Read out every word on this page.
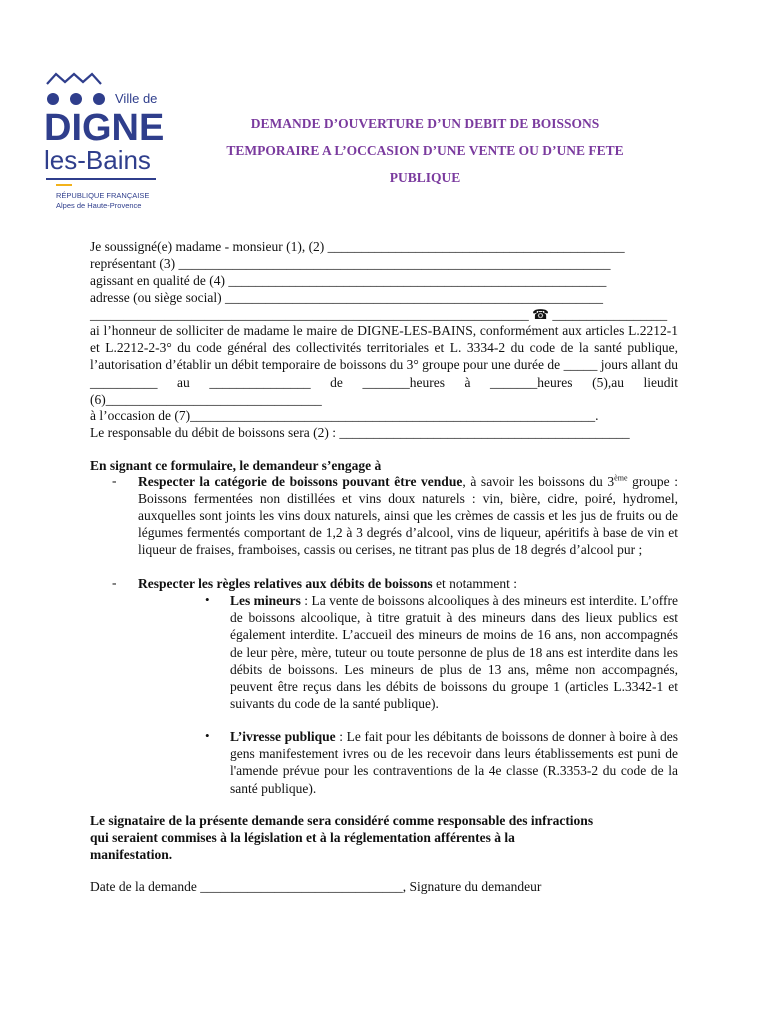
Ville de
DIGNE
les-Bains
RÉPUBLIQUE FRANÇAISE
Alpes de Haute-Provence
DEMANDE D’OUVERTURE D’UN DEBIT DE BOISSONS
TEMPORAIRE A L’OCCASION D’UNE VENTE OU D’UNE FETE
PUBLIQUE
Je soussigné(e) madame - monsieur (1), (2) ____________________________________________
représentant (3) ________________________________________________________________
agissant en qualité de (4) ________________________________________________________
adresse (ou siège social) ________________________________________________________
_________________________________________________________________ ☎ _________________
ai l’honneur de solliciter de madame le maire de DIGNE-LES-BAINS, conformément aux articles L.2212-1 et L.2212-2-3° du code général des collectivités territoriales et L. 3334-2 du code de la santé publique, l’autorisation d’établir un débit temporaire de boissons du 3° groupe pour une durée de _____ jours allant du __________ au _______________ de _______heures à _______heures (5),au lieudit (6)________________________________
à l’occasion de (7)____________________________________________________________.
Le responsable du débit de boissons sera (2) : ___________________________________________
En signant ce formulaire, le demandeur s’engage à
- Respecter la catégorie de boissons pouvant être vendue, à savoir les boissons du 3ème groupe : Boissons fermentées non distillées et vins doux naturels : vin, bière, cidre, poiré, hydromel, auxquelles sont joints les vins doux naturels, ainsi que les crèmes de cassis et les jus de fruits ou de légumes fermentés comportant de 1,2 à 3 degrés d’alcool, vins de liqueur, apéritifs à base de vin et liqueur de fraises, framboises, cassis ou cerises, ne titrant pas plus de 18 degrés d’alcool pur ;
- Respecter les règles relatives aux débits de boissons et notamment :
• Les mineurs : La vente de boissons alcooliques à des mineurs est interdite. L’offre de boissons alcoolique, à titre gratuit à des mineurs dans des lieux publics est également interdite. L’accueil des mineurs de moins de 16 ans, non accompagnés de leur père, mère, tuteur ou toute personne de plus de 18 ans est interdite dans les débits de boissons. Les mineurs de plus de 13 ans, même non accompagnés, peuvent être reçus dans les débits de boissons du groupe 1 (articles L.3342-1 et suivants du code de la santé publique).
• L’ivresse publique : Le fait pour les débitants de boissons de donner à boire à des gens manifestement ivres ou de les recevoir dans leurs établissements est puni de l'amende prévue pour les contraventions de la 4e classe (R.3353-2 du code de la santé publique).
Le signataire de la présente demande sera considéré comme responsable des infractions
qui seraient commises à la législation et à la réglementation afférentes à la
manifestation.
Date de la demande ______________________________, Signature du demandeur
